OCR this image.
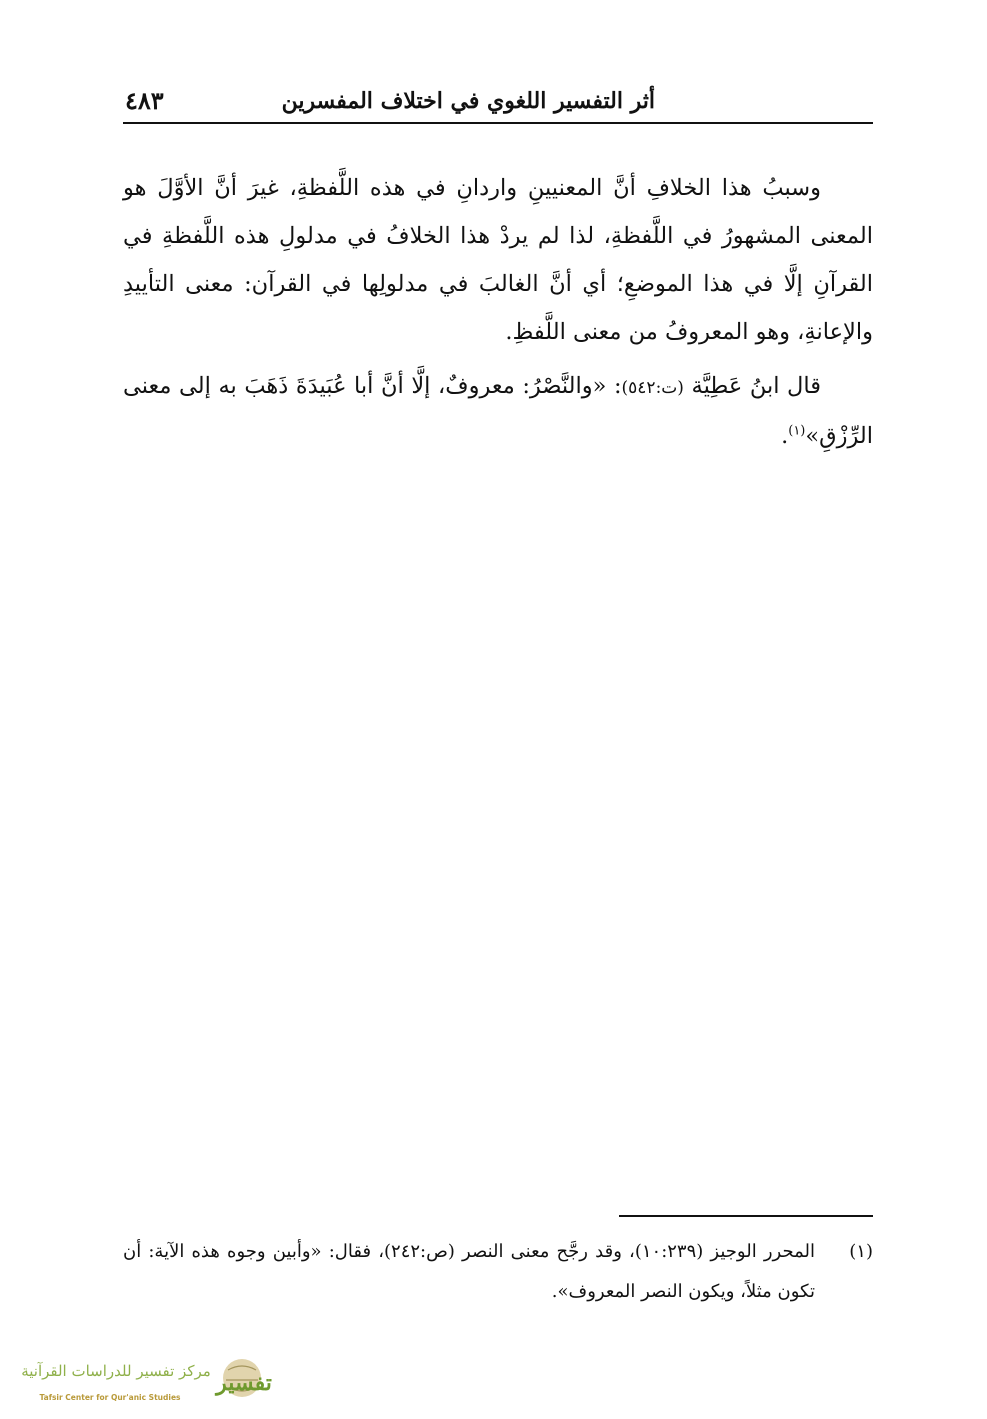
أثر التفسير اللغوي في اختلاف المفسرين
٤٨٣

وسببُ هذا الخلافِ أنَّ المعنيينِ واردانِ في هذه اللَّفظةِ، غيرَ أنَّ الأوَّلَ هو المعنى المشهورُ في اللَّفظةِ، لذا لم يردْ هذا الخلافُ في مدلولِ هذه اللَّفظةِ في القرآنِ إلَّا في هذا الموضعِ؛ أي أنَّ الغالبَ في مدلولِها في القرآن: معنى التأييدِ والإعانةِ، وهو المعروفُ من معنى اللَّفظِ.

قال ابنُ عَطِيَّة (ت:٥٤٢): «والنَّصْرُ: معروفٌ، إلَّا أنَّ أبا عُبَيدَةَ ذَهَبَ به إلى معنى الرِّزْقِ»$^{(١)}$.

(١)
المحرر الوجيز (١٠:٢٣٩)، وقد رجَّح معنى النصر (ص:٢٤٢)، فقال: «وأبين وجوه هذه الآية: أن تكون مثلاً، ويكون النصر المعروف».
تفسير
مركز تفسير للدراسات القرآنية
Tafsir Center for Qur'anic Studies
